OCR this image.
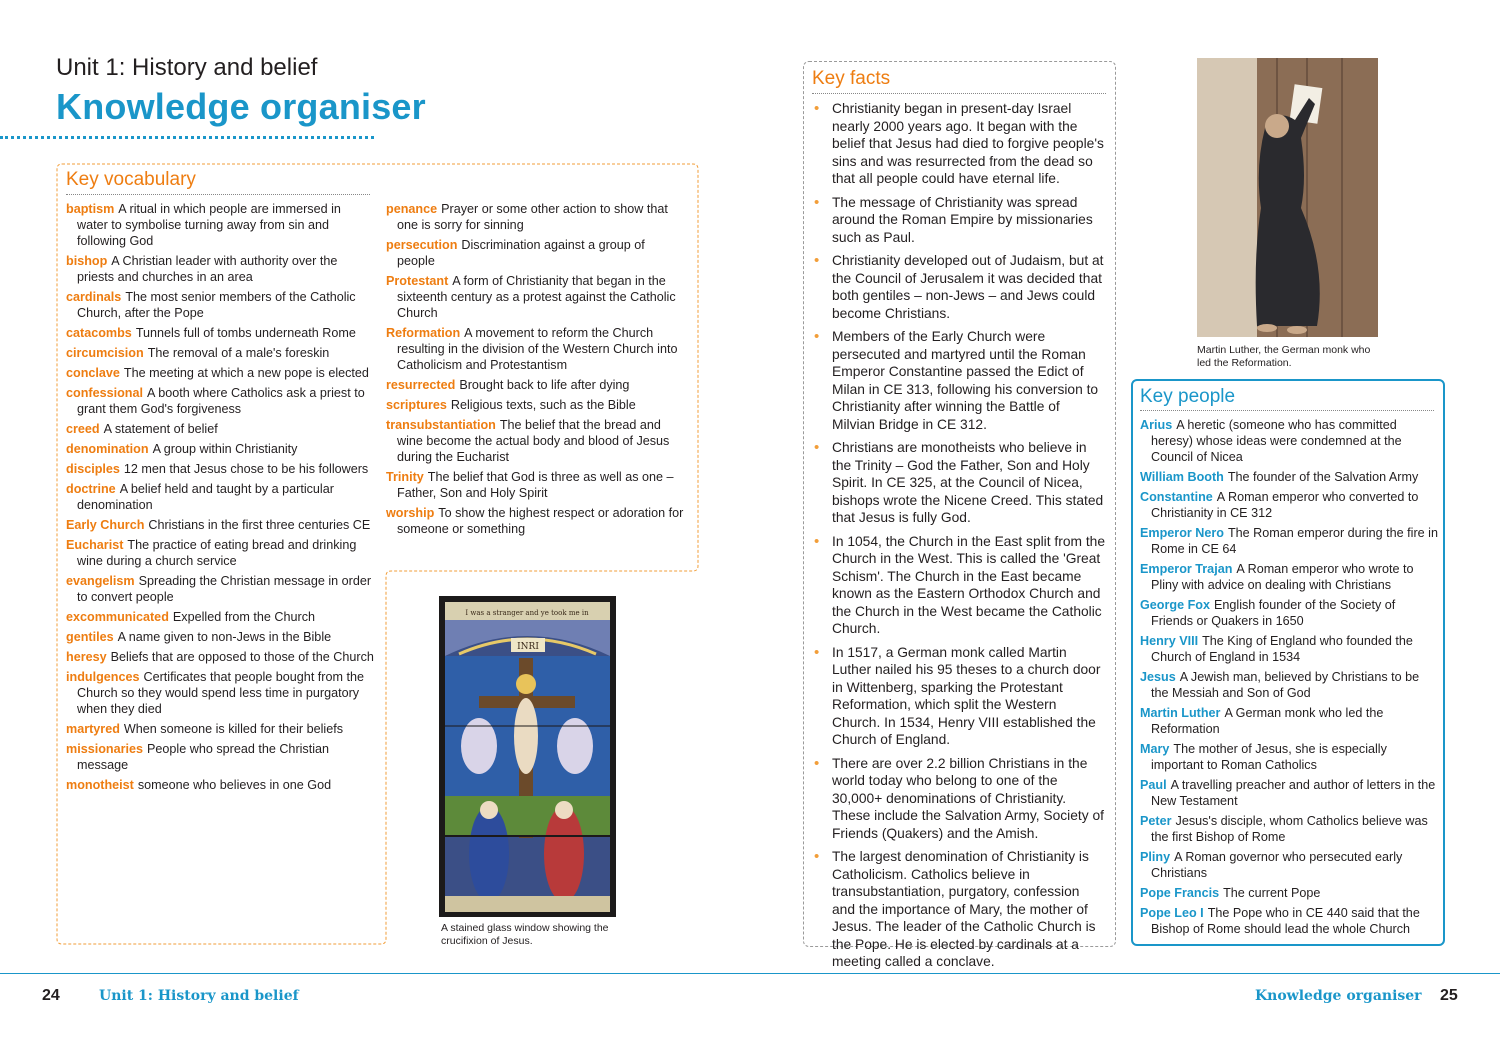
Unit 1: History and belief
Knowledge organiser
Key vocabulary
baptism A ritual in which people are immersed in water to symbolise turning away from sin and following God
bishop A Christian leader with authority over the priests and churches in an area
cardinals The most senior members of the Catholic Church, after the Pope
catacombs Tunnels full of tombs underneath Rome
circumcision The removal of a male's foreskin
conclave The meeting at which a new pope is elected
confessional A booth where Catholics ask a priest to grant them God's forgiveness
creed A statement of belief
denomination A group within Christianity
disciples 12 men that Jesus chose to be his followers
doctrine A belief held and taught by a particular denomination
Early Church Christians in the first three centuries CE
Eucharist The practice of eating bread and drinking wine during a church service
evangelism Spreading the Christian message in order to convert people
excommunicated Expelled from the Church
gentiles A name given to non-Jews in the Bible
heresy Beliefs that are opposed to those of the Church
indulgences Certificates that people bought from the Church so they would spend less time in purgatory when they died
martyred When someone is killed for their beliefs
missionaries People who spread the Christian message
monotheist someone who believes in one God
penance Prayer or some other action to show that one is sorry for sinning
persecution Discrimination against a group of people
Protestant A form of Christianity that began in the sixteenth century as a protest against the Catholic Church
Reformation A movement to reform the Church resulting in the division of the Western Church into Catholicism and Protestantism
resurrected Brought back to life after dying
scriptures Religious texts, such as the Bible
transubstantiation The belief that the bread and wine become the actual body and blood of Jesus during the Eucharist
Trinity The belief that God is three as well as one – Father, Son and Holy Spirit
worship To show the highest respect or adoration for someone or something
I was a stranger and ye took me in
INRI
A stained glass window showing the crucifixion of Jesus.
Key facts
• Christianity began in present-day Israel nearly 2000 years ago. It began with the belief that Jesus had died to forgive people's sins and was resurrected from the dead so that all people could have eternal life.
• The message of Christianity was spread around the Roman Empire by missionaries such as Paul.
• Christianity developed out of Judaism, but at the Council of Jerusalem it was decided that both gentiles – non-Jews – and Jews could become Christians.
• Members of the Early Church were persecuted and martyred until the Roman Emperor Constantine passed the Edict of Milan in CE 313, following his conversion to Christianity after winning the Battle of Milvian Bridge in CE 312.
• Christians are monotheists who believe in the Trinity – God the Father, Son and Holy Spirit. In CE 325, at the Council of Nicea, bishops wrote the Nicene Creed. This stated that Jesus is fully God.
• In 1054, the Church in the East split from the Church in the West. This is called the 'Great Schism'. The Church in the East became known as the Eastern Orthodox Church and the Church in the West became the Catholic Church.
• In 1517, a German monk called Martin Luther nailed his 95 theses to a church door in Wittenberg, sparking the Protestant Reformation, which split the Western Church. In 1534, Henry VIII established the Church of England.
• There are over 2.2 billion Christians in the world today who belong to one of the 30,000+ denominations of Christianity. These include the Salvation Army, Society of Friends (Quakers) and the Amish.
• The largest denomination of Christianity is Catholicism. Catholics believe in transubstantiation, purgatory, confession and the importance of Mary, the mother of Jesus. The leader of the Catholic Church is the Pope. He is elected by cardinals at a meeting called a conclave.
Martin Luther, the German monk who led the Reformation.
Key people
Arius A heretic (someone who has committed heresy) whose ideas were condemned at the Council of Nicea
William Booth The founder of the Salvation Army
Constantine A Roman emperor who converted to Christianity in CE 312
Emperor Nero The Roman emperor during the fire in Rome in CE 64
Emperor Trajan A Roman emperor who wrote to Pliny with advice on dealing with Christians
George Fox English founder of the Society of Friends or Quakers in 1650
Henry VIII The King of England who founded the Church of England in 1534
Jesus A Jewish man, believed by Christians to be the Messiah and Son of God
Martin Luther A German monk who led the Reformation
Mary The mother of Jesus, she is especially important to Roman Catholics
Paul A travelling preacher and author of letters in the New Testament
Peter Jesus's disciple, whom Catholics believe was the first Bishop of Rome
Pliny A Roman governor who persecuted early Christians
Pope Francis The current Pope
Pope Leo I The Pope who in CE 440 said that the Bishop of Rome should lead the whole Church
24	Unit 1: History and belief	Knowledge organiser 25
